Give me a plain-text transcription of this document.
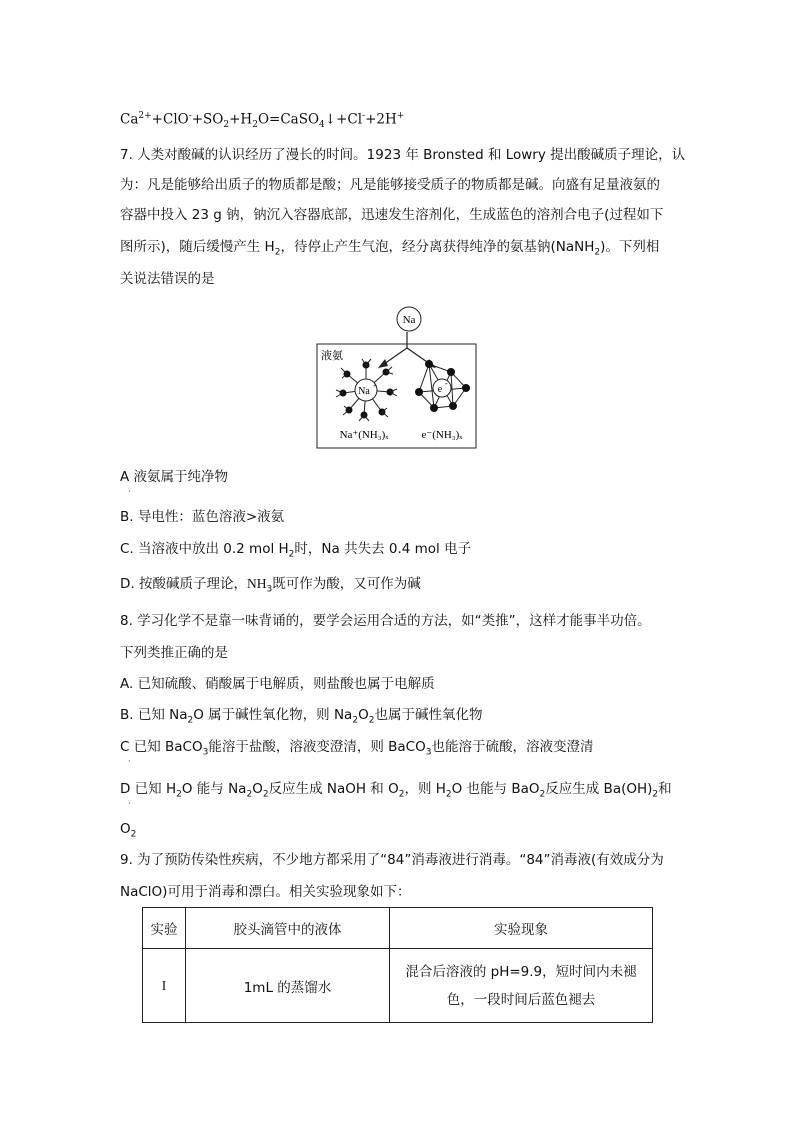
$Ca^{2+}+ClO^-+SO_2+H_2O=CaSO_4↓+Cl^-+2H^+$
7. 人类对酸碱的认识经历了漫长的时间。1923 年 Bronsted 和 Lowry 提出酸碱质子理论，认
为：凡是能够给出质子的物质都是酸；凡是能够接受质子的物质都是碱。向盛有足量液氨的
容器中投入 23 g 钠，钠沉入容器底部，迅速发生溶剂化，生成蓝色的溶剂合电子(过程如下
图所示)，随后缓慢产生 $H_2$，待停止产生气泡，经分离获得纯净的氨基钠(NaNH$_2$)。下列相
关说法错误的是
Na
液氨
Na +	e
-
Na⁺(NH₃)ₓ	e⁻(NH₃)ₓ
A 液氨属于纯净物
·
B. 导电性：蓝色溶液>液氨
C. 当溶液中放出 0.2 mol $H_2$时，Na 共失去 0.4 mol 电子
D. 按酸碱质子理论，$NH_3$既可作为酸，又可作为碱
8. 学习化学不是靠一味背诵的，要学会运用合适的方法，如“类推”，这样才能事半功倍。
下列类推正确的是
A. 已知硫酸、硝酸属于电解质，则盐酸也属于电解质
B. 已知 $Na_2O$ 属于碱性氧化物，则 $Na_2O_2$也属于碱性氧化物
C 已知 BaCO$_3$能溶于盐酸，溶液变澄清，则 BaCO$_3$也能溶于硫酸，溶液变澄清
·
D 已知 $H_2O$ 能与 $Na_2O_2$反应生成 NaOH 和 $O_2$，则 $H_2O$ 也能与 BaO$_2$反应生成 $Ba(OH)_2$和
·
$O_2$
9. 为了预防传染性疾病，不少地方都采用了“84”消毒液进行消毒。“84”消毒液(有效成分为
NaClO)可用于消毒和漂白。相关实验现象如下：
实验	胶头滴管中的液体	实验现象
I	1mL 的蒸馏水	混合后溶液的 pH=9.9，短时间内未褪
色，一段时间后蓝色褪去
